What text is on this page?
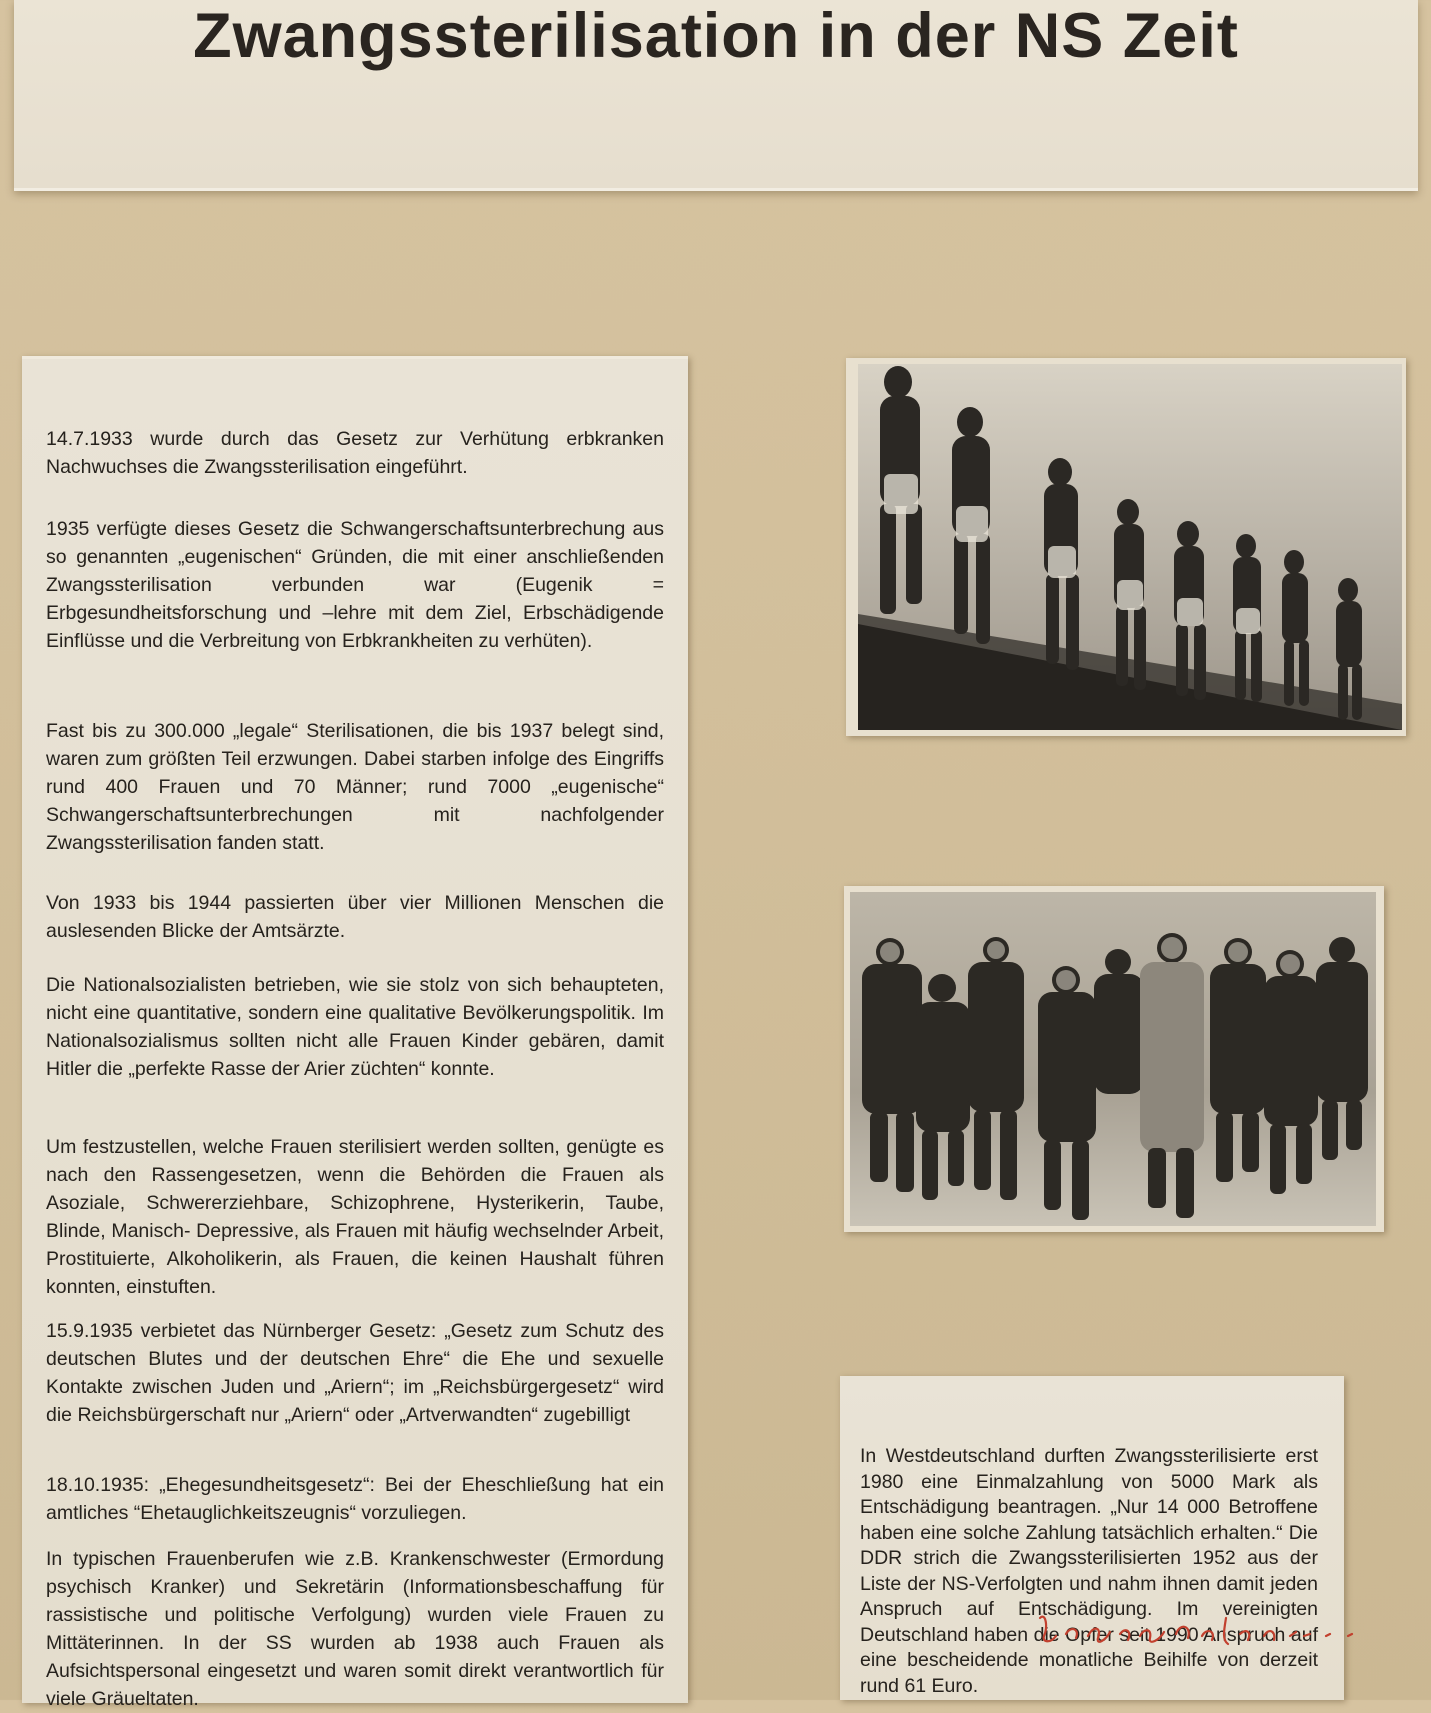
Zwangssterilisation in der NS Zeit

14.7.1933 wurde durch das Gesetz zur Verhütung erbkranken Nachwuchses die Zwangssterilisation eingeführt.

1935 verfügte dieses Gesetz die Schwangerschaftsunterbrechung aus so genannten „eugenischen“ Gründen, die mit einer anschließenden Zwangssterilisation verbunden war (Eugenik = Erbgesundheitsforschung und –lehre mit dem Ziel, Erbschädigende Einflüsse und die Verbreitung von Erbkrankheiten zu verhüten).

Fast bis zu 300.000 „legale“ Sterilisationen, die bis 1937 belegt sind, waren zum größten Teil erzwungen. Dabei starben infolge des Eingriffs rund 400 Frauen und 70 Männer; rund 7000 „eugenische“ Schwangerschaftsunterbrechungen mit nachfolgender Zwangssterilisation fanden statt.

Von 1933 bis 1944 passierten über vier Millionen Menschen die auslesenden Blicke der Amtsärzte.

Die Nationalsozialisten betrieben, wie sie stolz von sich behaupteten, nicht eine quantitative, sondern eine qualitative Bevölkerungspolitik. Im Nationalsozialismus sollten nicht alle Frauen Kinder gebären, damit Hitler die „perfekte Rasse der Arier züchten“ konnte.

Um festzustellen, welche Frauen sterilisiert werden sollten, genügte es nach den Rassengesetzen, wenn die Behörden die Frauen als Asoziale, Schwererziehbare, Schizophrene, Hysterikerin, Taube, Blinde, Manisch- Depressive, als Frauen mit häufig wechselnder Arbeit, Prostituierte, Alkoholikerin, als Frauen, die keinen Haushalt führen konnten, einstuften.

15.9.1935 verbietet das Nürnberger Gesetz: „Gesetz zum Schutz des deutschen Blutes und der deutschen Ehre“ die Ehe und sexuelle Kontakte zwischen Juden und „Ariern“; im „Reichsbürgergesetz“ wird die Reichsbürgerschaft nur „Ariern“ oder „Artverwandten“ zugebilligt

18.10.1935: „Ehegesundheitsgesetz“: Bei der Eheschließung hat ein amtliches “Ehetauglichkeitszeugnis“ vorzuliegen.

In typischen Frauenberufen wie z.B. Krankenschwester (Ermordung psychisch Kranker) und Sekretärin (Informationsbeschaffung für rassistische und politische Verfolgung) wurden viele Frauen zu Mittäterinnen. In der SS wurden ab 1938 auch Frauen als Aufsichtspersonal eingesetzt und waren somit direkt verantwortlich für viele Gräueltaten.

In Westdeutschland durften Zwangssterilisierte erst 1980 eine Einmalzahlung von 5000 Mark als Entschädigung beantragen. „Nur 14 000 Betroffene haben eine solche Zahlung tatsächlich erhalten.“ Die DDR strich die Zwangssterilisierten 1952 aus der Liste der NS-Verfolgten und nahm ihnen damit jeden Anspruch auf Entschädigung. Im vereinigten Deutschland haben die Opfer seit 1990 Anspruch auf eine bescheidende monatliche Beihilfe von derzeit rund 61 Euro.
